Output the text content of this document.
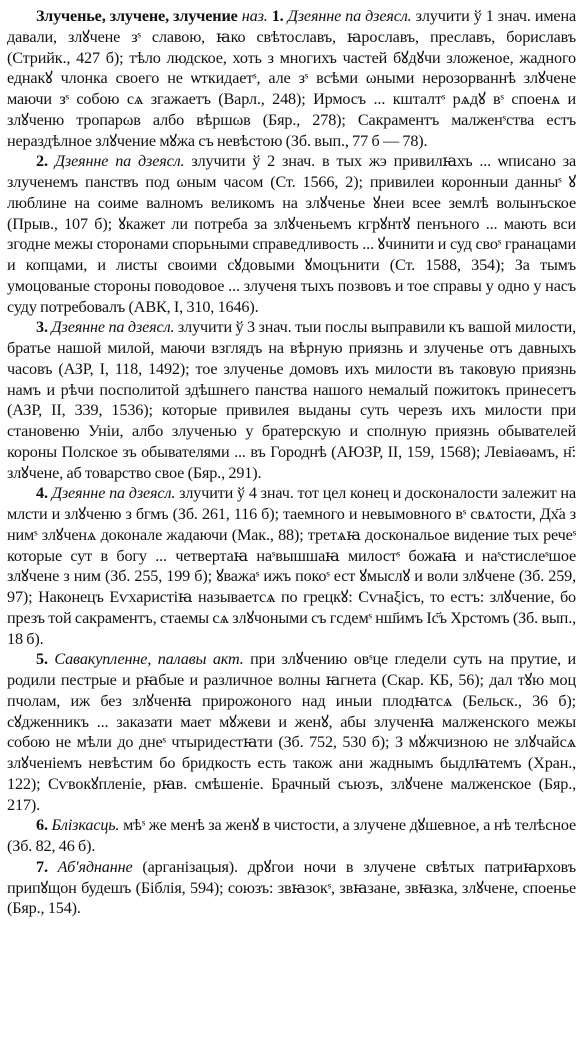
Злученье, злучене, злучение наз. 1. Дзеянне па дзеясл. злучити ў 1 знач. имена давали, злꙋчене зˢ славою, ꙗко свѣтославъ, ꙗрославъ, преславъ, бориславъ (Стрийк., 427 б); тѣло людское, хоть з многихъ частей бꙋдꙋчи зложеное, жадного еднакꙋ члонка своего не ѡткидаетˢ, але зˢ всѣми ωными нерозорваннѣ злꙋчене маючи зˢ собою сѧ згажаетъ (Варл., 248); Ирмосъ ... кшталтˢ рѧдꙋ вˢ споенѧ и злꙋченю тропарωв албо вѣршωв (Бяр., 278); Сакраментъ малженˢства естъ нераздѣлное злꙋчение мꙋжа съ невѣстою (Зб. вып., 77 б — 78).

2. Дзеянне па дзеясл. злучити ў 2 знач. в тых жэ привилꙗхъ ... ѡписано за злученемъ панствъ под ωным часом (Ст. 1566, 2); привилеи коронныи данныˢ ꙋ люблине на соиме валномъ великомъ на злꙋченье ꙋнеи всее землѣ волынъское (Прыв., 107 б); ꙋкажет ли потреба за злꙋченьемъ кгрꙋнтꙋ пенъного ... мають вси згодне межы сторонами спорьными справедливость ... ꙋчинити и суд своˢ гранацами и копцами, и листы своими сꙋдовыми ꙋмоцънити (Ст. 1588, 354); За тымъ умоцованые стороны поводовое ... злученя тыхъ позвовъ и тое справы у одно у насъ суду потребовалъ (АВК, I, 310, 1646).

3. Дзеянне па дзеясл. злучити ў 3 знач. тыи послы выправили къ вашой милости, братье нашой милой, маючи взглядъ на вѣрную приязнь и злученье отъ давныхъ часовъ (АЗР, I, 118, 1492); тое злученье домовъ ихъ милости въ таковую приязнь намъ и рѣчи посполитой здѣшнего панства нашого немалый пожитокъ принесетъ (АЗР, II, 339, 1536); которые привилея выданы суть черезъ ихъ милости при становеню Уніи, албо злученью у братерскую и сполную приязнь обывателей короны Полское зъ обывателями ... въ Городнѣ (АЮЗР, II, 159, 1568); Левіаѳамъ, н҃: злꙋчене, аб товарство свое (Бяр., 291).

4. Дзеянне па дзеясл. злучити ў 4 знач. тот цел конец и досконалости залежит на млсти и злꙋченю з бгмъ (Зб. 261, 116 б); таемного и невымовного вˢ свѧтости, Дх҃а з нимˢ злꙋченѧ доконале жадаючи (Мак., 88); третѧꙗ доскональое видение тых речеˢ которые сут в богу ... четвертаꙗ наˢвышшаꙗ милостˢ божаꙗ и наˢстислеˢшое злꙋчене з ним (Зб. 255, 199 б); ꙋважаˢ ижъ покоˢ ест ꙋмыслꙋ и воли злꙋчене (Зб. 259, 97); Наконецъ Еѵхаристіꙗ называетсѧ по грецкꙋ: Сѵнаξісъ, то естъ: злꙋчение, бо презъ той сакраментъ, стаемы сѧ злꙋчоными съ гсдемˢ нш҃имъ Іс҃ъ Хрстомъ (Зб. вып., 18 б).

5. Савакупленне, палавы акт. при злꙋчению овˢце гледели суть на прутие, и родили пестрые и рꙗбые и различное волны ꙗгнета (Скар. КБ, 56); дал тꙋю моц пчолам, иж без злꙋченꙗ прирожоного над иныи плодꙗтсѧ (Бельск., 36 б); сꙋдженникъ ... заказати мает мꙋжеви и женꙋ, абы злученꙗ малженского межы собою не мѣли до днеˢ чтыридестꙗти (Зб. 752, 530 б); З мꙋжчизною не злꙋчайсѧ злꙋченіемъ невѣстим бо бридкость есть також ани жаднымъ быдлꙗтемъ (Хран., 122); Сѵвокꙋпленіе, рꙗв. смѣшеніе. Брачный съюзъ, злꙋчене малженское (Бяр., 217).

6. Блізкасць. мѣˢ же менѣ за женꙋ в чистости, а злучене дꙋшевное, а нѣ телѣсное (Зб. 82, 46 б).

7. Аб'яднанне (арганізацыя). дрꙋгои ночи в злучене свѣтых патриꙗрховъ припꙋщон будешъ (Біблія, 594); союзъ: звꙗзокˢ, звꙗзане, звꙗзка, злꙋчене, споенье (Бяр., 154).
